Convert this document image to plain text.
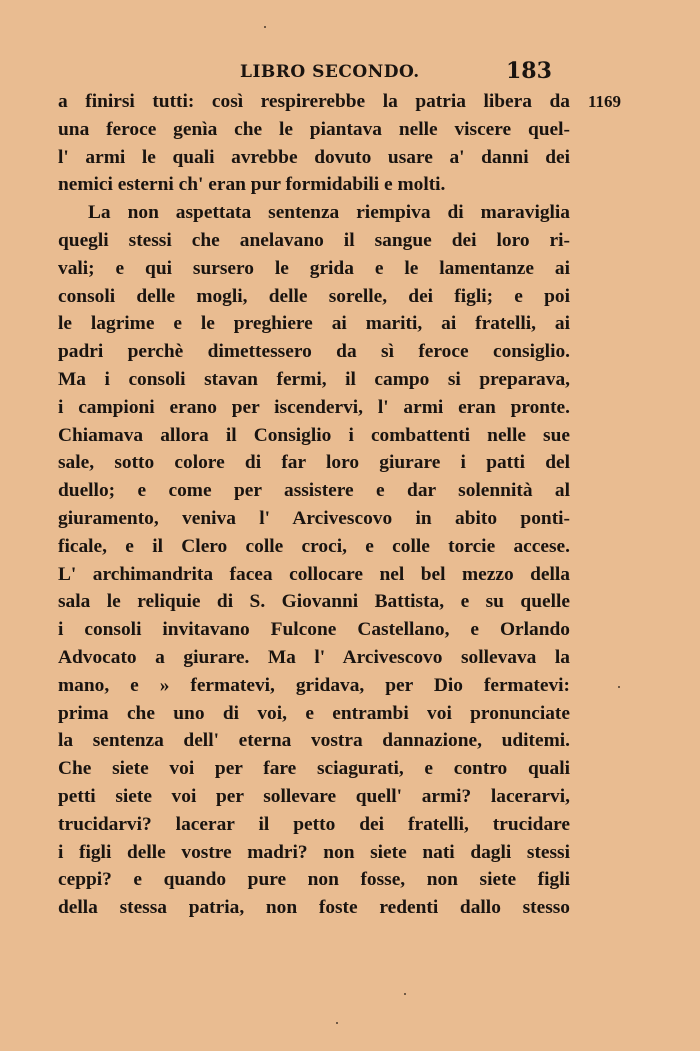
LIBRO SECONDO.	183
1169
a finirsi tutti: così respirerebbe la patria libera da
una feroce genìa che le piantava nelle viscere quel-
l' armi le quali avrebbe dovuto usare a' danni dei
nemici esterni ch' eran pur formidabili e molti.
La non aspettata sentenza riempiva di maraviglia
quegli stessi che anelavano il sangue dei loro ri-
vali; e qui sursero le grida e le lamentanze ai
consoli delle mogli, delle sorelle, dei figli; e poi
le lagrime e le preghiere ai mariti, ai fratelli, ai
padri perchè dimettessero da sì feroce consiglio.
Ma i consoli stavan fermi, il campo si preparava,
i campioni erano per iscendervi, l' armi eran pronte.
Chiamava allora il Consiglio i combattenti nelle sue
sale, sotto colore di far loro giurare i patti del
duello; e come per assistere e dar solennità al
giuramento, veniva l' Arcivescovo in abito ponti-
ficale, e il Clero colle croci, e colle torcie accese.
L' archimandrita facea collocare nel bel mezzo della
sala le reliquie di S. Giovanni Battista, e su quelle
i consoli invitavano Fulcone Castellano, e Orlando
Advocato a giurare. Ma l' Arcivescovo sollevava la
mano, e » fermatevi, gridava, per Dio fermatevi:
prima che uno di voi, e entrambi voi pronunciate
la sentenza dell' eterna vostra dannazione, uditemi.
Che siete voi per fare sciagurati, e contro quali
petti siete voi per sollevare quell' armi? lacerarvi,
trucidarvi? lacerar il petto dei fratelli, trucidare
i figli delle vostre madri? non siete nati dagli stessi
ceppi? e quando pure non fosse, non siete figli
della stessa patria, non foste redenti dallo stesso
